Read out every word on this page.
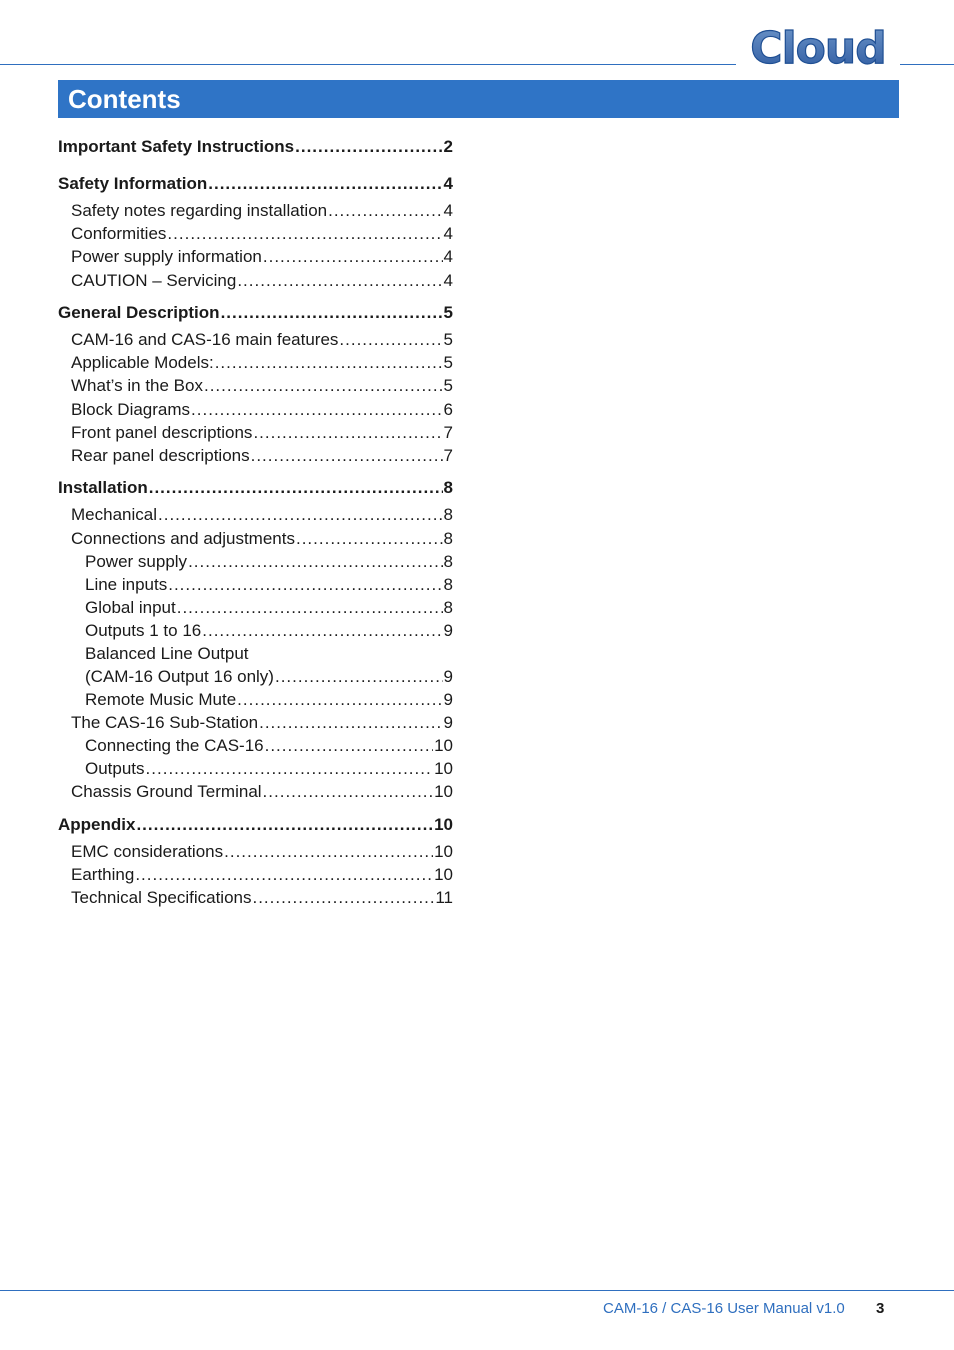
Cloud
Contents
Important Safety Instructions .....	2
Safety Information .....	4
Safety notes regarding installation .....	4
Conformities .....	4
Power supply information .....	4
CAUTION – Servicing .....	4
General Description .....	5
CAM-16 and CAS-16 main features .....	5
Applicable Models: .....	5
What’s in the Box .....	5
Block Diagrams .....	6
Front panel descriptions .....	7
Rear panel descriptions .....	7
Installation .....	8
Mechanical .....	8
Connections and adjustments .....	8
Power supply .....	8
Line inputs .....	8
Global input .....	8
Outputs 1 to 16 .....	9
Balanced Line Output
(CAM-16 Output 16 only) .....	9
Remote Music Mute .....	9
The CAS-16 Sub-Station .....	9
Connecting the CAS-16 .....	10
Outputs .....	10
Chassis Ground Terminal .....	10
Appendix .....	10
EMC considerations .....	10
Earthing .....	10
Technical Specifications .....	11
CAM-16 / CAS-16 User Manual v1.0 3
